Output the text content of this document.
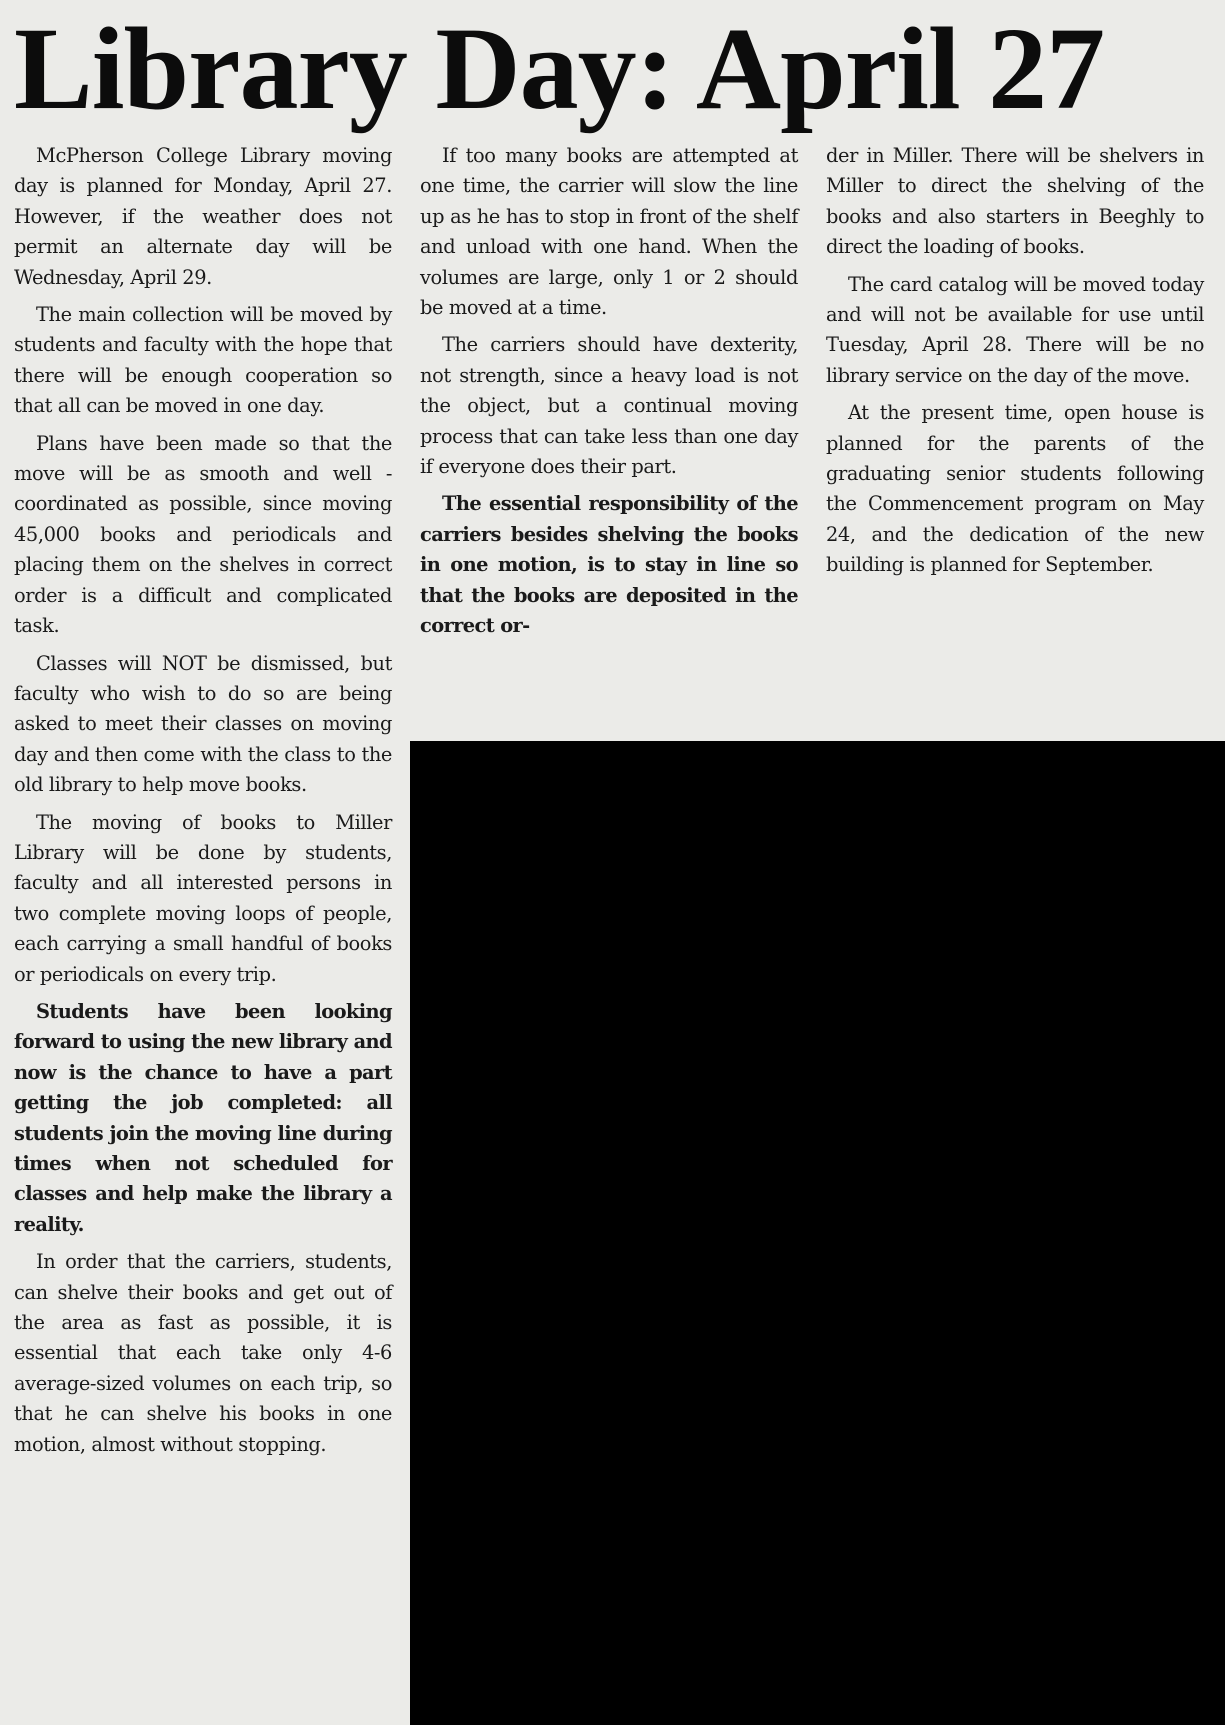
Library Day: April 27

McPherson College Library moving day is planned for Monday, April 27. However, if the weather does not permit an alternate day will be Wednesday, April 29.

The main collection will be moved by students and faculty with the hope that there will be enough cooperation so that all can be moved in one day.

Plans have been made so that the move will be as smooth and well - coordinated as possible, since moving 45,000 books and periodicals and placing them on the shelves in correct order is a difficult and complicated task.

Classes will NOT be dismissed, but faculty who wish to do so are being asked to meet their classes on moving day and then come with the class to the old library to help move books.

The moving of books to Miller Library will be done by students, faculty and all interested persons in two complete moving loops of people, each carrying a small handful of books or periodicals on every trip.

Students have been looking forward to using the new library and now is the chance to have a part getting the job completed: all students join the moving line during times when not scheduled for classes and help make the library a reality.

In order that the carriers, students, can shelve their books and get out of the area as fast as possible, it is essential that each take only 4-6 average-sized volumes on each trip, so that he can shelve his books in one motion, almost without stopping.

If too many books are attempted at one time, the carrier will slow the line up as he has to stop in front of the shelf and unload with one hand. When the volumes are large, only 1 or 2 should be moved at a time.

The carriers should have dexterity, not strength, since a heavy load is not the object, but a continual moving process that can take less than one day if everyone does their part.

The essential responsibility of the carriers besides shelving the books in one motion, is to stay in line so that the books are deposited in the correct or-

der in Miller. There will be shelvers in Miller to direct the shelving of the books and also starters in Beeghly to direct the loading of books.

The card catalog will be moved today and will not be available for use until Tuesday, April 28. There will be no library service on the day of the move.

At the present time, open house is planned for the parents of the graduating senior students following the Commencement program on May 24, and the dedication of the new building is planned for September.
